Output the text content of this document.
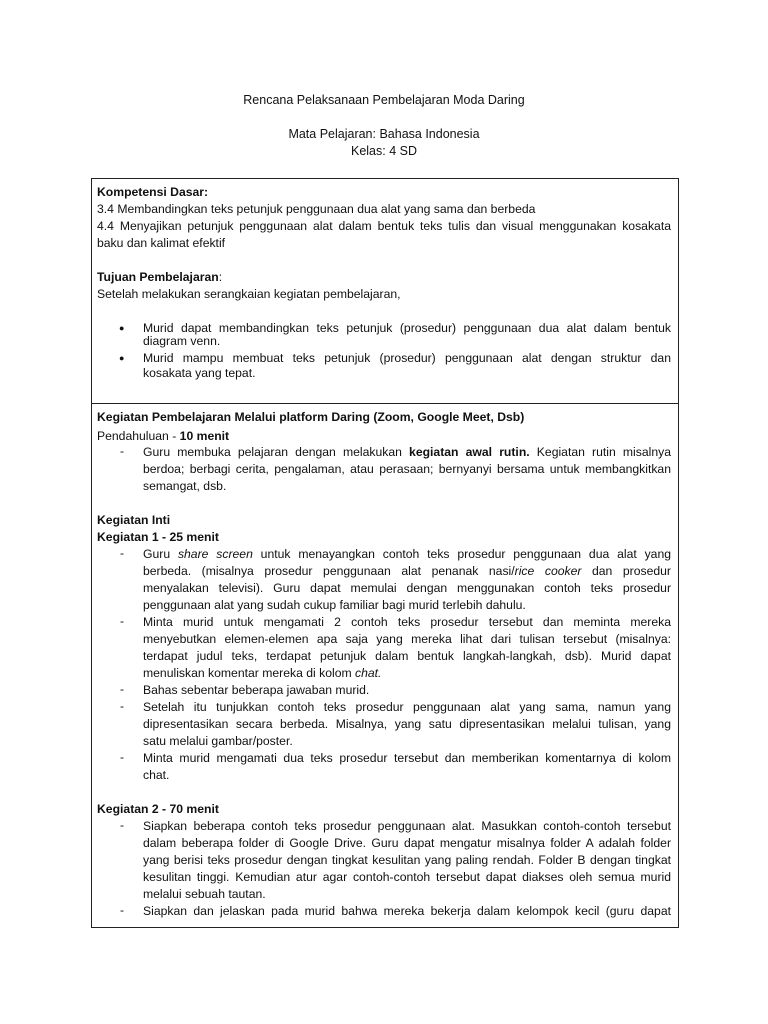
Rencana Pelaksanaan Pembelajaran Moda Daring
Mata Pelajaran: Bahasa Indonesia
Kelas: 4 SD
Kompetensi Dasar:
3.4 Membandingkan teks petunjuk penggunaan dua alat yang sama dan berbeda
4.4 Menyajikan petunjuk penggunaan alat dalam bentuk teks tulis dan visual menggunakan kosakata
baku dan kalimat efektif
Tujuan Pembelajaran:
Setelah melakukan serangkaian kegiatan pembelajaran,
● Murid dapat membandingkan teks petunjuk (prosedur) penggunaan dua alat dalam bentuk
diagram venn.
● Murid mampu membuat teks petunjuk (prosedur) penggunaan alat dengan struktur dan
kosakata yang tepat.
Kegiatan Pembelajaran Melalui platform Daring (Zoom, Google Meet, Dsb)
Pendahuluan - 10 menit
- Guru membuka pelajaran dengan melakukan kegiatan awal rutin. Kegiatan rutin misalnya
berdoa; berbagi cerita, pengalaman, atau perasaan; bernyanyi bersama untuk membangkitkan
semangat, dsb.
Kegiatan Inti
Kegiatan 1 - 25 menit
- Guru share screen untuk menayangkan contoh teks prosedur penggunaan dua alat yang
berbeda. (misalnya prosedur penggunaan alat penanak nasi/rice cooker dan prosedur
menyalakan televisi). Guru dapat memulai dengan menggunakan contoh teks prosedur
penggunaan alat yang sudah cukup familiar bagi murid terlebih dahulu.
- Minta murid untuk mengamati 2 contoh teks prosedur tersebut dan meminta mereka
menyebutkan elemen-elemen apa saja yang mereka lihat dari tulisan tersebut (misalnya:
terdapat judul teks, terdapat petunjuk dalam bentuk langkah-langkah, dsb). Murid dapat
menuliskan komentar mereka di kolom chat.
- Bahas sebentar beberapa jawaban murid.
- Setelah itu tunjukkan contoh teks prosedur penggunaan alat yang sama, namun yang
dipresentasikan secara berbeda. Misalnya, yang satu dipresentasikan melalui tulisan, yang
satu melalui gambar/poster.
- Minta murid mengamati dua teks prosedur tersebut dan memberikan komentarnya di kolom
chat.
Kegiatan 2 - 70 menit
- Siapkan beberapa contoh teks prosedur penggunaan alat. Masukkan contoh-contoh tersebut
dalam beberapa folder di Google Drive. Guru dapat mengatur misalnya folder A adalah folder
yang berisi teks prosedur dengan tingkat kesulitan yang paling rendah. Folder B dengan tingkat
kesulitan tinggi. Kemudian atur agar contoh-contoh tersebut dapat diakses oleh semua murid
melalui sebuah tautan.
- Siapkan dan jelaskan pada murid bahwa mereka bekerja dalam kelompok kecil (guru dapat
